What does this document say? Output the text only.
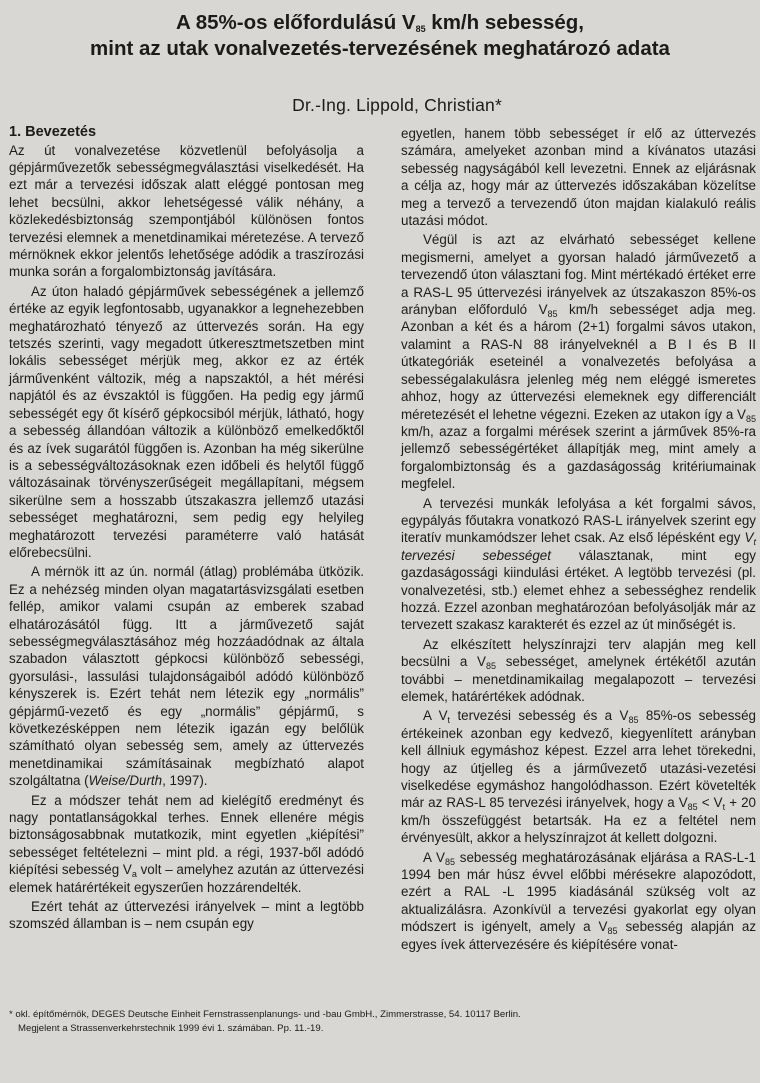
A 85%-os előfordulású $V_{85}$ km/h sebesség,
mint az utak vonalvezetés-tervezésének meghatározó adata
Dr.-Ing. Lippold, Christian*
1. Bevezetés

Az út vonalvezetése közvetlenül befolyásolja a gépjárművezetők sebességmegválasztási viselkedését. Ha ezt már a tervezési időszak alatt eléggé pontosan meg lehet becsülni, akkor lehetségessé válik néhány, a közlekedésbiztonság szempontjából különösen fontos tervezési elemnek a menetdinamikai méretezése. A tervező mérnöknek ekkor jelentős lehetősége adódik a traszírozási munka során a forgalombiztonság javítására.

Az úton haladó gépjárművek sebességének a jellemző értéke az egyik legfontosabb, ugyanakkor a legnehezebben meghatározható tényező az úttervezés során. Ha egy tetszés szerinti, vagy megadott útkeresztmetszetben mint lokális sebességet mérjük meg, akkor ez az érték járművenként változik, még a napszaktól, a hét mérési napjától és az évszaktól is függően. Ha pedig egy jármű sebességét egy őt kísérő gépkocsiból mérjük, látható, hogy a sebesség állandóan változik a különböző emelkedőktől és az ívek sugarától függően is. Azonban ha még sikerülne is a sebességváltozásoknak ezen időbeli és helytől függő változásainak törvényszerűségeit megállapítani, mégsem sikerülne sem a hosszabb útszakaszra jellemző utazási sebességet meghatározni, sem pedig egy helyileg meghatározott tervezési paraméterre való hatását előrebecsülni.

A mérnök itt az ún. normál (átlag) problémába ütközik. Ez a nehézség minden olyan magatartásvizsgálati esetben fellép, amikor valami csupán az emberek szabad elhatározásától függ. Itt a járművezető saját sebességmegválasztásához még hozzáadódnak az általa szabadon választott gépkocsi különböző sebességi, gyorsulási-, lassulási tulajdonságaiból adódó különböző kényszerek is. Ezért tehát nem létezik egy „normális” gépjármű-vezető és egy „normális” gépjármű, s következésképpen nem létezik igazán egy belőlük számítható olyan sebesség sem, amely az úttervezés menetdinamikai számításainak megbízható alapot szolgáltatna (Weise/Durth, 1997).

Ez a módszer tehát nem ad kielégítő eredményt és nagy pontatlanságokkal terhes. Ennek ellenére mégis biztonságosabbnak mutatkozik, mint egyetlen „kiépítési” sebességet feltételezni – mint pld. a régi, 1937-ből adódó kiépítési sebesség $V_a$ volt – amelyhez azután az úttervezési elemek határértékeit egyszerűen hozzárendelték.

Ezért tehát az úttervezési irányelvek – mint a legtöbb szomszéd államban is – nem csupán egy

egyetlen, hanem több sebességet ír elő az úttervezés számára, amelyeket azonban mind a kívánatos utazási sebesség nagyságából kell levezetni. Ennek az eljárásnak a célja az, hogy már az úttervezés időszakában közelítse meg a tervező a tervezendő úton majdan kialakuló reális utazási módot.

Végül is azt az elvárható sebességet kellene megismerni, amelyet a gyorsan haladó járművezető a tervezendő úton választani fog. Mint mértékadó értéket erre a RAS-L 95 úttervezési irányelvek az útszakaszon 85%-os arányban előforduló $V_{85}$ km/h sebességet adja meg. Azonban a két és a három (2+1) forgalmi sávos utakon, valamint a RAS-N 88 irányelveknél a B I és B II útkategóriák eseteinél a vonalvezetés befolyása a sebességalakulásra jelenleg még nem eléggé ismeretes ahhoz, hogy az úttervezési elemeknek egy differenciált méretezését el lehetne végezni. Ezeken az utakon így a $V_{85}$ km/h, azaz a forgalmi mérések szerint a járművek 85%-ra jellemző sebességértéket állapítják meg, mint amely a forgalombiztonság és a gazdaságosság kritériumainak megfelel.

A tervezési munkák lefolyása a két forgalmi sávos, egypályás főutakra vonatkozó RAS-L irányelvek szerint egy iteratív munkamódszer lehet csak. Az első lépésként egy $V_t$ tervezési sebességet választanak, mint egy gazdaságossági kiindulási értéket. A legtöbb tervezési (pl. vonalvezetési, stb.) elemet ehhez a sebességhez rendelik hozzá. Ezzel azonban meghatározóan befolyásolják már az tervezett szakasz karakterét és ezzel az út minőségét is.

Az elkészített helyszínrajzi terv alapján meg kell becsülni a $V_{85}$ sebességet, amelynek értékétől azután további – menetdinamikailag megalapozott – tervezési elemek, határértékek adódnak.

A $V_t$ tervezési sebesség és a $V_{85}$ 85%-os sebesség értékeinek azonban egy kedvező, kiegyenlített arányban kell állniuk egymáshoz képest. Ezzel arra lehet törekedni, hogy az útjelleg és a járművezető utazási-vezetési viselkedése egymáshoz hangolódhasson. Ezért követelték már az RAS-L 85 tervezési irányelvek, hogy a $V_{85} < V_t + 20$ km/h összefüggést betartsák. Ha ez a feltétel nem érvényesült, akkor a helyszínrajzot át kellett dolgozni.

A $V_{85}$ sebesség meghatározásának eljárása a RAS-L-1 1994 ben már húsz évvel előbbi mérésekre alapozódott, ezért a RAL -L 1995 kiadásánál szükség volt az aktualizálásra. Azonkívül a tervezési gyakorlat egy olyan módszert is igényelt, amely a $V_{85}$ sebesség alapján az egyes ívek áttervezésére és kiépítésére vonat-

* okl. építőmérnök, DEGES Deutsche Einheit Fernstrassenplanungs- und -bau GmbH., Zimmerstrasse, 54. 10117 Berlin.

Megjelent a Strassenverkehrstechnik 1999 évi 1. számában. Pp. 11.-19.
